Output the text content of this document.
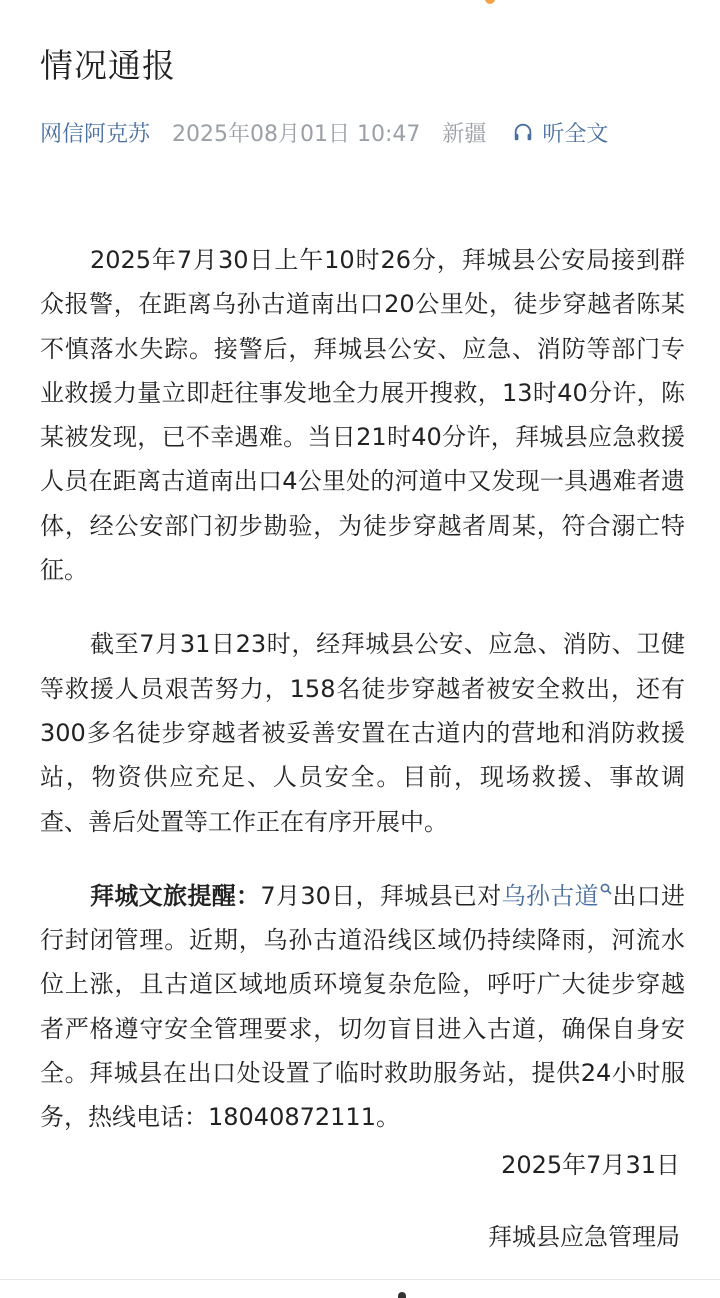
情况通报
网信阿克苏 2025年08月01日 10:47 新疆	听全文

2025年7月30日上午10时26分，拜城县公安局接到群众报警，在距离乌孙古道南出口20公里处，徒步穿越者陈某不慎落水失踪。接警后，拜城县公安、应急、消防等部门专业救援力量立即赶往事发地全力展开搜救，13时40分许，陈某被发现，已不幸遇难。当日21时40分许，拜城县应急救援人员在距离古道南出口4公里处的河道中又发现一具遇难者遗体，经公安部门初步勘验，为徒步穿越者周某，符合溺亡特征。

截至7月31日23时，经拜城县公安、应急、消防、卫健等救援人员艰苦努力，158名徒步穿越者被安全救出，还有300多名徒步穿越者被妥善安置在古道内的营地和消防救援站，物资供应充足、人员安全。目前，现场救援、事故调查、善后处置等工作正在有序开展中。

拜城文旅提醒：7月30日，拜城县已对乌孙古道 出口进行封闭管理。近期，乌孙古道沿线区域仍持续降雨，河流水位上涨，且古道区域地质环境复杂危险，呼吁广大徒步穿越者严格遵守安全管理要求，切勿盲目进入古道，确保自身安全。拜城县在出口处设置了临时救助服务站，提供24小时服务，热线电话：18040872111。

2025年7月31日
拜城县应急管理局
